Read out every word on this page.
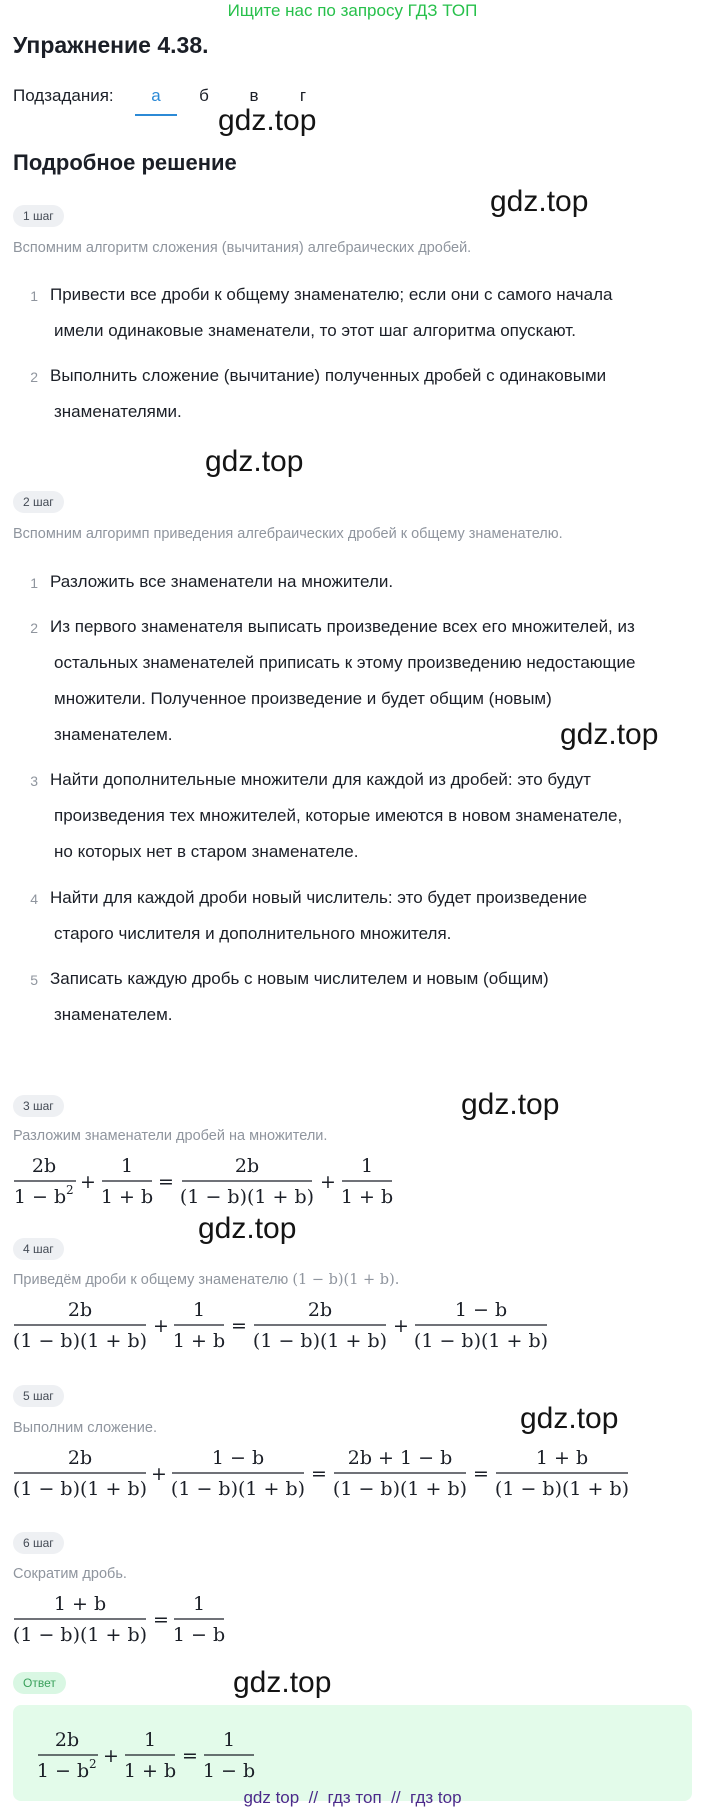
Ищите нас по запросу ГДЗ ТОП
Упражнение 4.38.
Подзадания:	а	б	в	г
gdz.top
gdz.top
gdz.top
gdz.top
gdz.top
gdz.top
gdz.top
gdz.top
Подробное решение
1 шаг
Вспомним алгоритм сложения (вычитания) алгебраических дробей.
1 Привести все дроби к общему знаменателю; если они с самого начала
имели одинаковые знаменатели, то этот шаг алгоритма опускают.
2 Выполнить сложение (вычитание) полученных дробей с одинаковыми
знаменателями.
2 шаг
Вспомним алгоримп приведения алгебраических дробей к общему знаменателю.
1 Разложить все знаменатели на множители.
2 Из первого знаменателя выписать произведение всех его множителей, из
остальных знаменателей приписать к этому произведению недостающие
множители. Полученное произведение и будет общим (новым)
знаменателем.
3 Найти дополнительные множители для каждой из дробей: это будут
произведения тех множителей, которые имеются в новом знаменателе,
но которых нет в старом знаменателе.
4 Найти для каждой дроби новый числитель: это будет произведение
старого числителя и дополнительного множителя.
5 Записать каждую дробь с новым числителем и новым (общим)
знаменателем.
3 шаг
Разложим знаменатели дробей на множители.
2b
1 − b 2 +
1
1 + b
=
2b
(1 − b)(1 + b)
+
1
1 + b
4 шаг
Приведём дроби к общему знаменателю (1 − b)(1 + b).
2b
(1 − b)(1 + b)
+
1
1 + b
=
2b
(1 − b)(1 + b)
+
1 − b
(1 − b)(1 + b)
5 шаг
Выполним сложение.
2b
(1 − b)(1 + b)
+
1 − b
(1 − b)(1 + b)
=
2b + 1 − b
(1 − b)(1 + b)
=
1 + b
(1 − b)(1 + b)
6 шаг
Сократим дробь.
1 + b
(1 − b)(1 + b)
=
1
1 − b
Ответ
2b
1 − b 2 +
1
1 + b
=
1
1 − b
gdz top  //  гдз топ  //  гдз top
